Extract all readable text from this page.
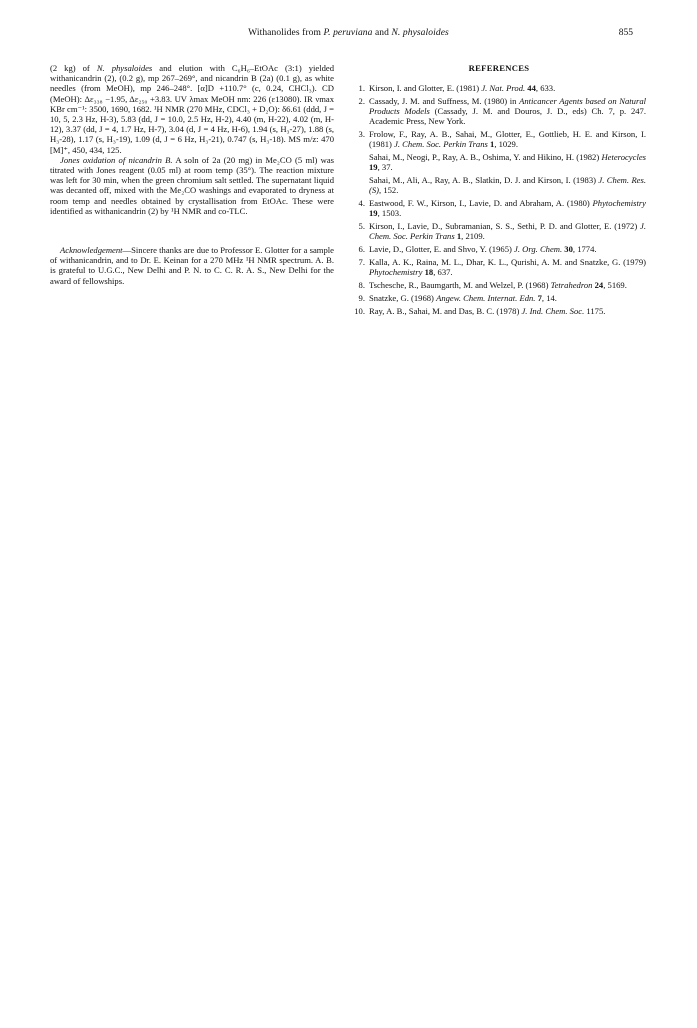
Withanolides from P. peruviana and N. physaloides	855

(2 kg) of N. physaloides and elution with C₆H₆–EtOAc (3:1) yielded withanicandrin (2), (0.2 g), mp 267–269°, and nicandrin B (2a) (0.1 g), as white needles (from MeOH), mp 246–248°. [α]D +110.7° (c, 0.24, CHCl₃). CD (MeOH): Δε₃₃₈ −1.95, Δε₂₅₀ +3.83. UV λmax MeOH nm: 226 (ε13080). IR νmax KBr cm⁻¹: 3500, 1690, 1682. ¹H NMR (270 MHz, CDCl₃ + D₂O): δ6.61 (ddd, J = 10, 5, 2.3 Hz, H-3), 5.83 (dd, J = 10.0, 2.5 Hz, H-2), 4.40 (m, H-22), 4.02 (m, H-12), 3.37 (dd, J = 4, 1.7 Hz, H-7), 3.04 (d, J = 4 Hz, H-6), 1.94 (s, H₃-27), 1.88 (s, H₃-28), 1.17 (s, H₃-19), 1.09 (d, J = 6 Hz, H₃-21), 0.747 (s, H₃-18). MS m/z: 470 [M]⁺, 450, 434, 125.

Jones oxidation of nicandrin B. A soln of 2a (20 mg) in Me₂CO (5 ml) was titrated with Jones reagent (0.05 ml) at room temp (35°). The reaction mixture was left for 30 min, when the green chromium salt settled. The supernatant liquid was decanted off, mixed with the Me₂CO washings and evaporated to dryness at room temp and needles obtained by crystallisation from EtOAc. These were identified as withanicandrin (2) by ¹H NMR and co-TLC.

Acknowledgement—Sincere thanks are due to Professor E. Glotter for a sample of withanicandrin, and to Dr. E. Keinan for a 270 MHz ¹H NMR spectrum. A. B. is grateful to U.G.C., New Delhi and P. N. to C. C. R. A. S., New Delhi for the award of fellowships.

REFERENCES
1. Kirson, I. and Glotter, E. (1981) J. Nat. Prod. 44, 633.
2. Cassady, J. M. and Suffness, M. (1980) in Anticancer Agents based on Natural Products Models (Cassady, J. M. and Douros, J. D., eds) Ch. 7, p. 247. Academic Press, New York.
3. Frolow, F., Ray, A. B., Sahai, M., Glotter, E., Gottlieb, H. E. and Kirson, I. (1981) J. Chem. Soc. Perkin Trans 1, 1029.
Sahai, M., Neogi, P., Ray, A. B., Oshima, Y. and Hikino, H. (1982) Heterocycles 19, 37.
Sahai, M., Ali, A., Ray, A. B., Slatkin, D. J. and Kirson, I. (1983) J. Chem. Res. (S), 152.
4. Eastwood, F. W., Kirson, I., Lavie, D. and Abraham, A. (1980) Phytochemistry 19, 1503.
5. Kirson, I., Lavie, D., Subramanian, S. S., Sethi, P. D. and Glotter, E. (1972) J. Chem. Soc. Perkin Trans 1, 2109.
6. Lavie, D., Glotter, E. and Shvo, Y. (1965) J. Org. Chem. 30, 1774.
7. Kalla, A. K., Raina, M. L., Dhar, K. L., Qurishi, A. M. and Snatzke, G. (1979) Phytochemistry 18, 637.
8. Tschesche, R., Baumgarth, M. and Welzel, P. (1968) Tetrahedron 24, 5169.
9. Snatzke, G. (1968) Angew. Chem. Internat. Edn. 7, 14.
10. Ray, A. B., Sahai, M. and Das, B. C. (1978) J. Ind. Chem. Soc. 1175.
